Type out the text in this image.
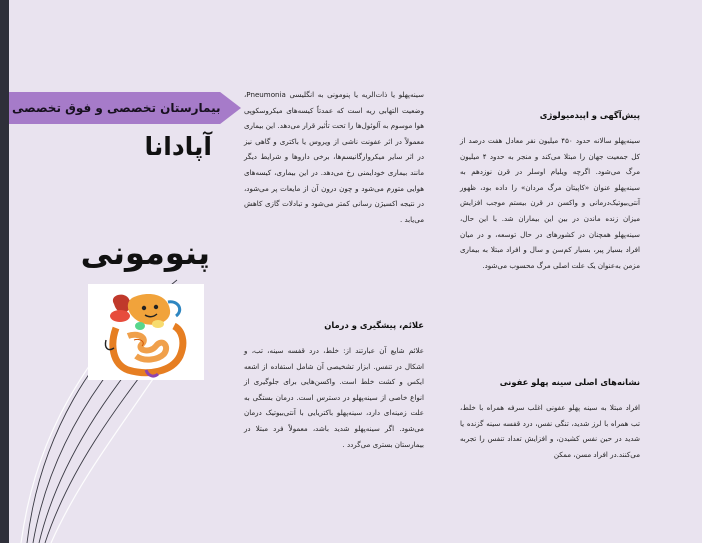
بیمارستان تخصصی و فوق تخصصی
آپادانا
پنومونی

سینه‌پهلو یا ذات‌الریه یا پنومونی به انگلیسی Pneumonia، وضعیت التهابی ریه است که عمدتاً کیسه‌های میکروسکوپی هوا موسوم به آلوئول‌ها را تحت تأثیر قرار می‌دهد. این بیماری معمولاً در اثر عفونت ناشی از ویروس یا باکتری و گاهی نیز در اثر سایر میکروارگانیسم‌ها، برخی داروها و شرایط دیگر مانند بیماری خودایمنی رخ می‌دهد. در این بیماری، کیسه‌های هوایی متورم می‌شود و چون درون آن از مایعات پر می‌شود، در نتیجه اکسیژن رسانی کمتر می‌شود و تبادلات گازی کاهش می‌یابد .

علائم، پیشگیری و درمان

علائم شایع آن عبارتند از: خلط، درد قفسه سینه، تب، و اشکال در تنفس. ابزار تشخیصی آن شامل استفاده از اشعه ایکس و کشت خلط است. واکسن‌هایی برای جلوگیری از انواع خاصی از سینه‌پهلو در دسترس است. درمان بستگی به علت زمینه‌ای دارد، سینه‌پهلو باکتریایی با آنتی‌بیوتیک درمان می‌شود. اگر سینه‌پهلو شدید باشد، معمولاً فرد مبتلا در بیمارستان بستری می‌گردد .

پیش‌آگهی و اپیدمیولوژی

سینه‌پهلو سالانه حدود ۴۵۰ میلیون نفر معادل هفت درصد از کل جمعیت جهان را مبتلا می‌کند و منجر به حدود ۴ میلیون مرگ می‌شود. اگرچه ویلیام اوسلر در قرن نوزدهم به سینه‌پهلو عنوان «کاپیتان مرگ مردان» را داده بود، ظهور آنتی‌بیوتیک‌درمانی و واکسن در قرن بیستم موجب افزایش میزان زنده ماندن در بین این بیماران شد. با این حال، سینه‌پهلو همچنان در کشورهای در حال توسعه، و در میان افراد بسیار پیر، بسیار کم‌سن و سال و افراد مبتلا به بیماری مزمن به‌عنوان یک علت اصلی مرگ محسوب می‌شود.

نشانه‌های اصلی سینه پهلو عفونی

افراد مبتلا به سینه پهلو عفونی اغلب سرفه همراه با خلط، تب همراه با لرز شدید، تنگی نفس، درد قفسه سینه گزنده یا شدید در حین نفس کشیدن، و افزایش تعداد تنفس را تجربه می‌کنند.در افراد مسن، ممکن
